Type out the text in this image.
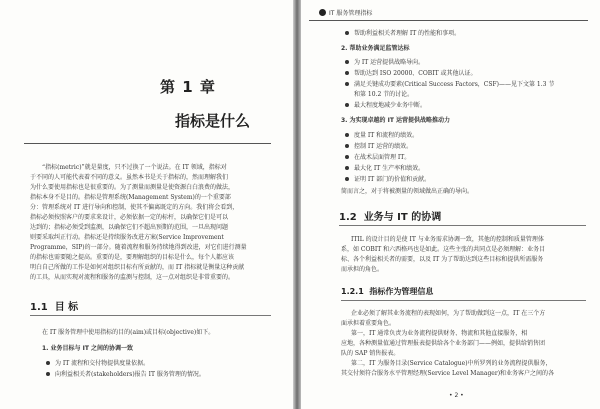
第 1 章
指标是什么
“指标(metric)”就是量度，只不过换了一个说法。在 IT 领域，指标对
于不同的人可能代表着不同的意义。虽然本书是关于指标的，然而理解我们
为什么要使用指标也是很重要的。为了测量而测量是使资源白白浪费的做法，
指标本身不是目的。指标是管理系统(Management System)的一个重要部
分：管理系统对 IT 进行导向和控制，使其不偏离既定的方向。我们将会看到，
指标必须按照客户的要求来设计，必须依据一定的标杆，以确保它们是可以
达到的；指标必须受到监测，以确保它们不超出预期的范围，一旦出现问题
则要采取纠正行动。指标还是持续服务改进方案(Service Improvement
Programme，SIP)的一部分。随着流程和服务持续地得到改进，对它们进行测量
的指标也需要随之提高。重要的是，要理解组织的目标是什么，每个人都应该
明白自己所做的工作是如何对组织目标有所贡献的，而 IT 指标就是衡量这种贡献
的工具，从而实现对流程和服务的监测与控制，这一点对组织是非常重要的。
1.1 目 标
在 IT 服务管理中使用指标的目的(aim)或目标(objective)如下。
1. 业务目标与 IT 之间的协调一致
为 IT 流程和交付物提供度量依据。
向利益相关者(stakeholders)报告 IT 服务管理的情况。
IT 服务管理指标
帮助利益相关者理解 IT 的性能和事项。
2. 帮助业务满足监管达标
为 IT 运营提供战略导向。
帮助达到 ISO 20000、COBIT 或其他认证。
满足关键成功要素(Critical Success Factors，CSF)——见下文第 1.3 节
和第 10.2 节的讨论。
最大程度地减少业务中断。
3. 为实现卓越的 IT 运营提供战略推动力
度量 IT 和流程的绩效。
控制 IT 运营的绩效。
在战术层面管理 IT。
最大化 IT 生产率和绩效。
证明 IT 部门的价值和贡献。
简而言之，对于将被测量的领域做出正确的导向。
1.2 业务与 IT 的协调
ITIL 的设计目的是使 IT 与业务需求协调一致，其他的控制和质量管理体
系，如 COBIT 和六西格玛也是如此。这些主张的共同点是必须理解：业务目
标、各个利益相关者的需要，以及 IT 为了帮助达到这些目标和提供所需服务
而承担的角色。
1.2.1 指标作为管理信息
企业必须了解其业务流程的表现如何，为了帮助做到这一点，IT 在三个方
面承担着重要角色。
第一，IT 通常负责为业务流程提供财务、物流和其他直接服务，相
应地，各种测量值通过管理报表提供给各个业务部门——例如，提供给销售团
队的 SAP 销售报表。
第二，IT 为服务目录(Service Catalogue)中所罗列的业务流程提供服务，
其交付须符合服务水平管理经理(Service Level Manager)和业务客户之间的各
• 2 •
